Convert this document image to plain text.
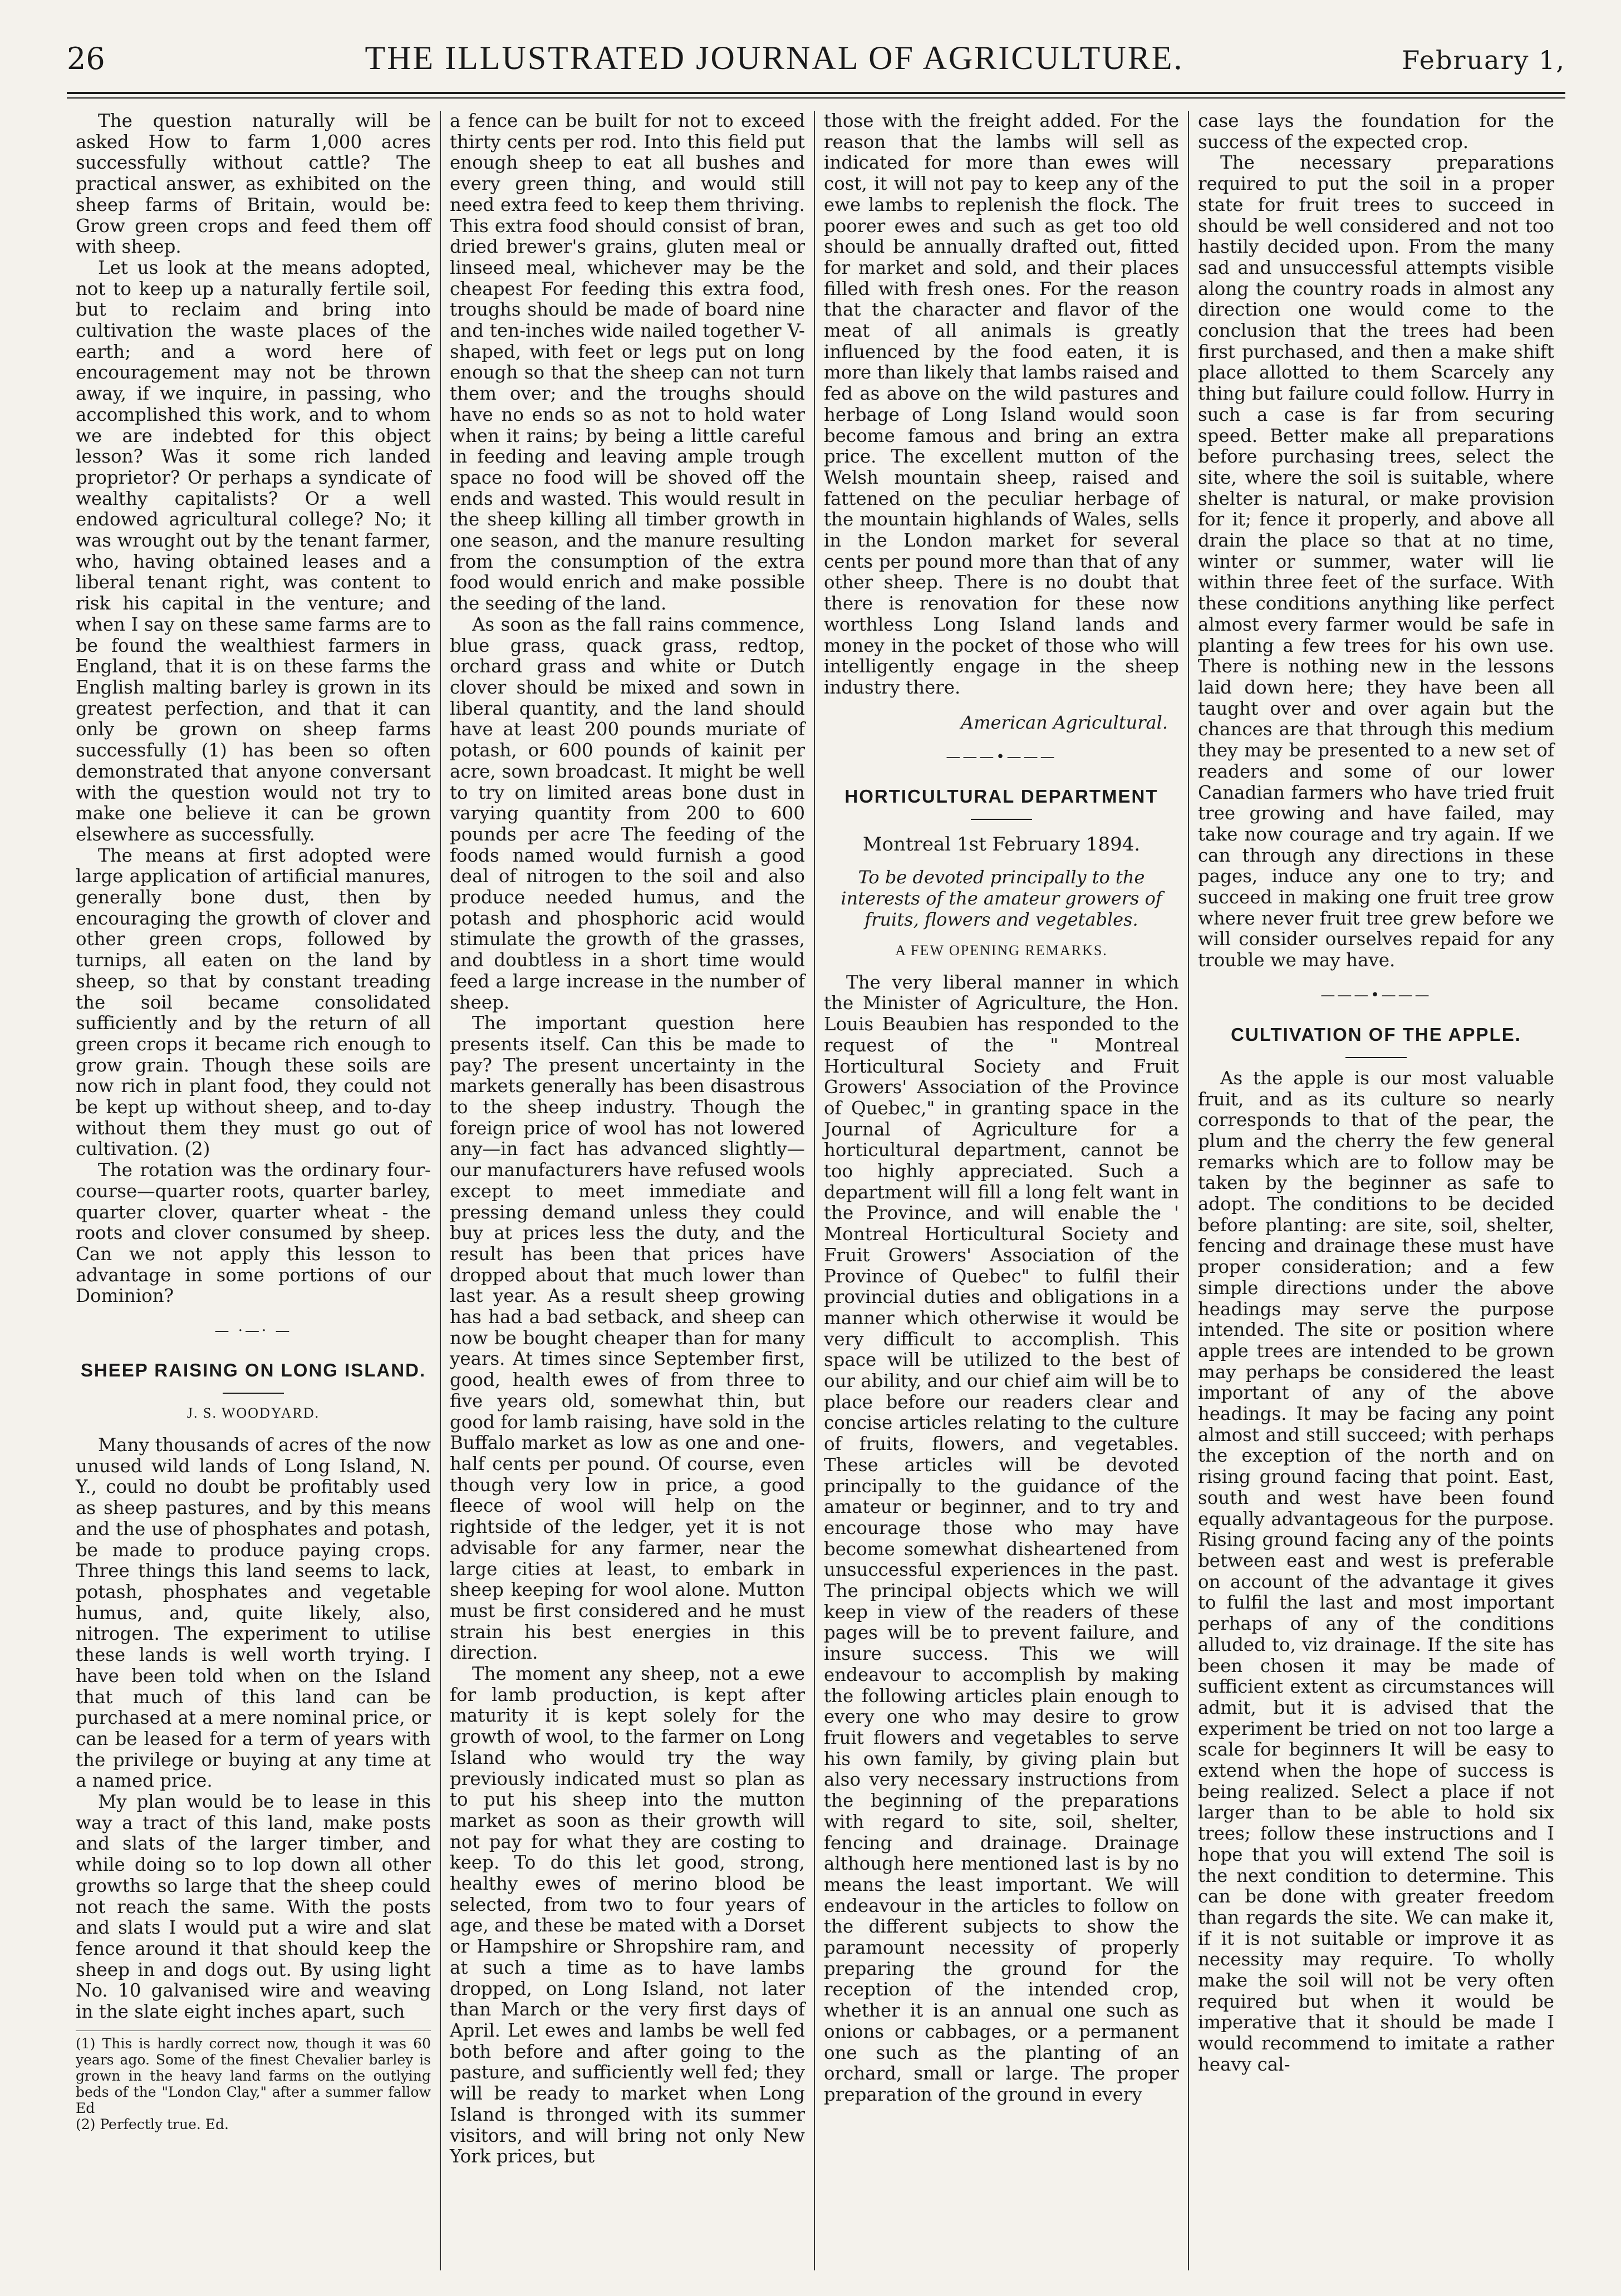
26	THE ILLUSTRATED JOURNAL OF AGRICULTURE.	February 1,

The question naturally will be asked How to farm 1,000 acres successfully without cattle? The practical answer, as exhibited on the sheep farms of Britain, would be: Grow green crops and feed them off with sheep.

Let us look at the means adopted, not to keep up a naturally fertile soil, but to reclaim and bring into cultivation the waste places of the earth; and a word here of encouragement may not be thrown away, if we inquire, in passing, who accomplished this work, and to whom we are indebted for this object lesson? Was it some rich landed proprietor? Or perhaps a syndicate of wealthy capitalists? Or a well endowed agricultural college? No; it was wrought out by the tenant farmer, who, having obtained leases and a liberal tenant right, was content to risk his capital in the venture; and when I say on these same farms are to be found the wealthiest farmers in England, that it is on these farms the English malting barley is grown in its greatest perfection, and that it can only be grown on sheep farms successfully (1) has been so often demonstrated that anyone conversant with the question would not try to make one believe it can be grown elsewhere as successfully.

The means at first adopted were large application of artificial manures, generally bone dust, then by encouraging the growth of clover and other green crops, followed by turnips, all eaten on the land by sheep, so that by constant treading the soil became consolidated sufficiently and by the return of all green crops it became rich enough to grow grain. Though these soils are now rich in plant food, they could not be kept up without sheep, and to-day without them they must go out of cultivation. (2)

The rotation was the ordinary four-course—quarter roots, quarter barley, quarter clover, quarter wheat - the roots and clover consumed by sheep. Can we not apply this lesson to advantage in some portions of our Dominion?

— ·—· —
SHEEP RAISING ON LONG ISLAND.
J. S. WOODYARD.

Many thousands of acres of the now unused wild lands of Long Island, N. Y., could no doubt be profitably used as sheep pastures, and by this means and the use of phosphates and potash, be made to produce paying crops. Three things this land seems to lack, potash, phosphates and vegetable humus, and, quite likely, also, nitrogen. The experiment to utilise these lands is well worth trying. I have been told when on the Island that much of this land can be purchased at a mere nominal price, or can be leased for a term of years with the privilege or buying at any time at a named price.

My plan would be to lease in this way a tract of this land, make posts and slats of the larger timber, and while doing so to lop down all other growths so large that the sheep could not reach the same. With the posts and slats I would put a wire and slat fence around it that should keep the sheep in and dogs out. By using light No. 10 galvanised wire and weaving in the slate eight inches apart, such

(1) This is hardly correct now, though it was 60 years ago. Some of the finest Chevalier barley is grown in the heavy land farms on the outlying beds of the "London Clay," after a summer fallow Ed

(2) Perfectly true. Ed.

a fence can be built for not to exceed thirty cents per rod. Into this field put enough sheep to eat all bushes and every green thing, and would still need extra feed to keep them thriving. This extra food should consist of bran, dried brewer's grains, gluten meal or linseed meal, whichever may be the cheapest For feeding this extra food, troughs should be made of board nine and ten-inches wide nailed together V-shaped, with feet or legs put on long enough so that the sheep can not turn them over; and the troughs should have no ends so as not to hold water when it rains; by being a little careful in feeding and leaving ample trough space no food will be shoved off the ends and wasted. This would result in the sheep killing all timber growth in one season, and the manure resulting from the consumption of the extra food would enrich and make possible the seeding of the land.

As soon as the fall rains commence, blue grass, quack grass, redtop, orchard grass and white or Dutch clover should be mixed and sown in liberal quantity, and the land should have at least 200 pounds muriate of potash, or 600 pounds of kainit per acre, sown broadcast. It might be well to try on limited areas bone dust in varying quantity from 200 to 600 pounds per acre The feeding of the foods named would furnish a good deal of nitrogen to the soil and also produce needed humus, and the potash and phosphoric acid would stimulate the growth of the grasses, and doubtless in a short time would feed a large increase in the number of sheep.

The important question here presents itself. Can this be made to pay? The present uncertainty in the markets generally has been disastrous to the sheep industry. Though the foreign price of wool has not lowered any—in fact has advanced slightly—our manufacturers have refused wools except to meet immediate and pressing demand unless they could buy at prices less the duty, and the result has been that prices have dropped about that much lower than last year. As a result sheep growing has had a bad setback, and sheep can now be bought cheaper than for many years. At times since September first, good, health ewes of from three to five years old, somewhat thin, but good for lamb raising, have sold in the Buffalo market as low as one and one-half cents per pound. Of course, even though very low in price, a good fleece of wool will help on the rightside of the ledger, yet it is not advisable for any farmer, near the large cities at least, to embark in sheep keeping for wool alone. Mutton must be first considered and he must strain his best energies in this direction.

The moment any sheep, not a ewe for lamb production, is kept after maturity it is kept solely for the growth of wool, to the farmer on Long Island who would try the way previously indicated must so plan as to put his sheep into the mutton market as soon as their growth will not pay for what they are costing to keep. To do this let good, strong, healthy ewes of merino blood be selected, from two to four years of age, and these be mated with a Dorset or Hampshire or Shropshire ram, and at such a time as to have lambs dropped, on Long Island, not later than March or the very first days of April. Let ewes and lambs be well fed both before and after going to the pasture, and sufficiently well fed; they will be ready to market when Long Island is thronged with its summer visitors, and will bring not only New York prices, but

those with the freight added. For the reason that the lambs will sell as indicated for more than ewes will cost, it will not pay to keep any of the ewe lambs to replenish the flock. The poorer ewes and such as get too old should be annually drafted out, fitted for market and sold, and their places filled with fresh ones. For the reason that the character and flavor of the meat of all animals is greatly influenced by the food eaten, it is more than likely that lambs raised and fed as above on the wild pastures and herbage of Long Island would soon become famous and bring an extra price. The excellent mutton of the Welsh mountain sheep, raised and fattened on the peculiar herbage of the mountain highlands of Wales, sells in the London market for several cents per pound more than that of any other sheep. There is no doubt that there is renovation for these now worthless Long Island lands and money in the pocket of those who will intelligently engage in the sheep industry there.

American Agricultural.
———•———
HORTICULTURAL DEPARTMENT
Montreal 1st February 1894.
To be devoted principally to the interests of the amateur growers of fruits, flowers and vegetables.
A FEW OPENING REMARKS.

The very liberal manner in which the Minister of Agriculture, the Hon. Louis Beaubien has responded to the request of the " Montreal Horticultural Society and Fruit Growers' Association of the Province of Quebec," in granting space in the Journal of Agriculture for a horticultural department, cannot be too highly appreciated. Such a department will fill a long felt want in the Province, and will enable the ' Montreal Horticultural Society and Fruit Growers' Association of the Province of Quebec" to fulfil their provincial duties and obligations in a manner which otherwise it would be very difficult to accomplish. This space will be utilized to the best of our ability, and our chief aim will be to place before our readers clear and concise articles relating to the culture of fruits, flowers, and vegetables. These articles will be devoted principally to the guidance of the amateur or beginner, and to try and encourage those who may have become somewhat disheartened from unsuccessful experiences in the past. The principal objects which we will keep in view of the readers of these pages will be to prevent failure, and insure success. This we will endeavour to accomplish by making the following articles plain enough to every one who may desire to grow fruit flowers and vegetables to serve his own family, by giving plain but also very necessary instructions from the beginning of the preparations with regard to site, soil, shelter, fencing and drainage. Drainage although here mentioned last is by no means the least important. We will endeavour in the articles to follow on the different subjects to show the paramount necessity of properly preparing the ground for the reception of the intended crop, whether it is an annual one such as onions or cabbages, or a permanent one such as the planting of an orchard, small or large. The proper preparation of the ground in every

case lays the foundation for the success of the expected crop.

The necessary preparations required to put the soil in a proper state for fruit trees to succeed in should be well considered and not too hastily decided upon. From the many sad and unsuccessful attempts visible along the country roads in almost any direction one would come to the conclusion that the trees had been first purchased, and then a make shift place allotted to them Scarcely any thing but failure could follow. Hurry in such a case is far from securing speed. Better make all preparations before purchasing trees, select the site, where the soil is suitable, where shelter is natural, or make provision for it; fence it properly, and above all drain the place so that at no time, winter or summer, water will lie within three feet of the surface. With these conditions anything like perfect almost every farmer would be safe in planting a few trees for his own use. There is nothing new in the lessons laid down here; they have been all taught over and over again but the chances are that through this medium they may be presented to a new set of readers and some of our lower Canadian farmers who have tried fruit tree growing and have failed, may take now courage and try again. If we can through any directions in these pages, induce any one to try; and succeed in making one fruit tree grow where never fruit tree grew before we will consider ourselves repaid for any trouble we may have.

———•———
CULTIVATION OF THE APPLE.

As the apple is our most valuable fruit, and as its culture so nearly corresponds to that of the pear, the plum and the cherry the few general remarks which are to follow may be taken by the beginner as safe to adopt. The conditions to be decided before planting: are site, soil, shelter, fencing and drainage these must have proper consideration; and a few simple directions under the above headings may serve the purpose intended. The site or position where apple trees are intended to be grown may perhaps be considered the least important of any of the above headings. It may be facing any point almost and still succeed; with perhaps the exception of the north and on rising ground facing that point. East, south and west have been found equally advantageous for the purpose. Rising ground facing any of the points between east and west is preferable on account of the advantage it gives to fulfil the last and most important perhaps of any of the conditions alluded to, viz drainage. If the site has been chosen it may be made of sufficient extent as circumstances will admit, but it is advised that the experiment be tried on not too large a scale for beginners It will be easy to extend when the hope of success is being realized. Select a place if not larger than to be able to hold six trees; follow these instructions and I hope that you will extend The soil is the next condition to determine. This can be done with greater freedom than regards the site. We can make it, if it is not suitable or improve it as necessity may require. To wholly make the soil will not be very often required but when it would be imperative that it should be made I would recommend to imitate a rather heavy cal-
